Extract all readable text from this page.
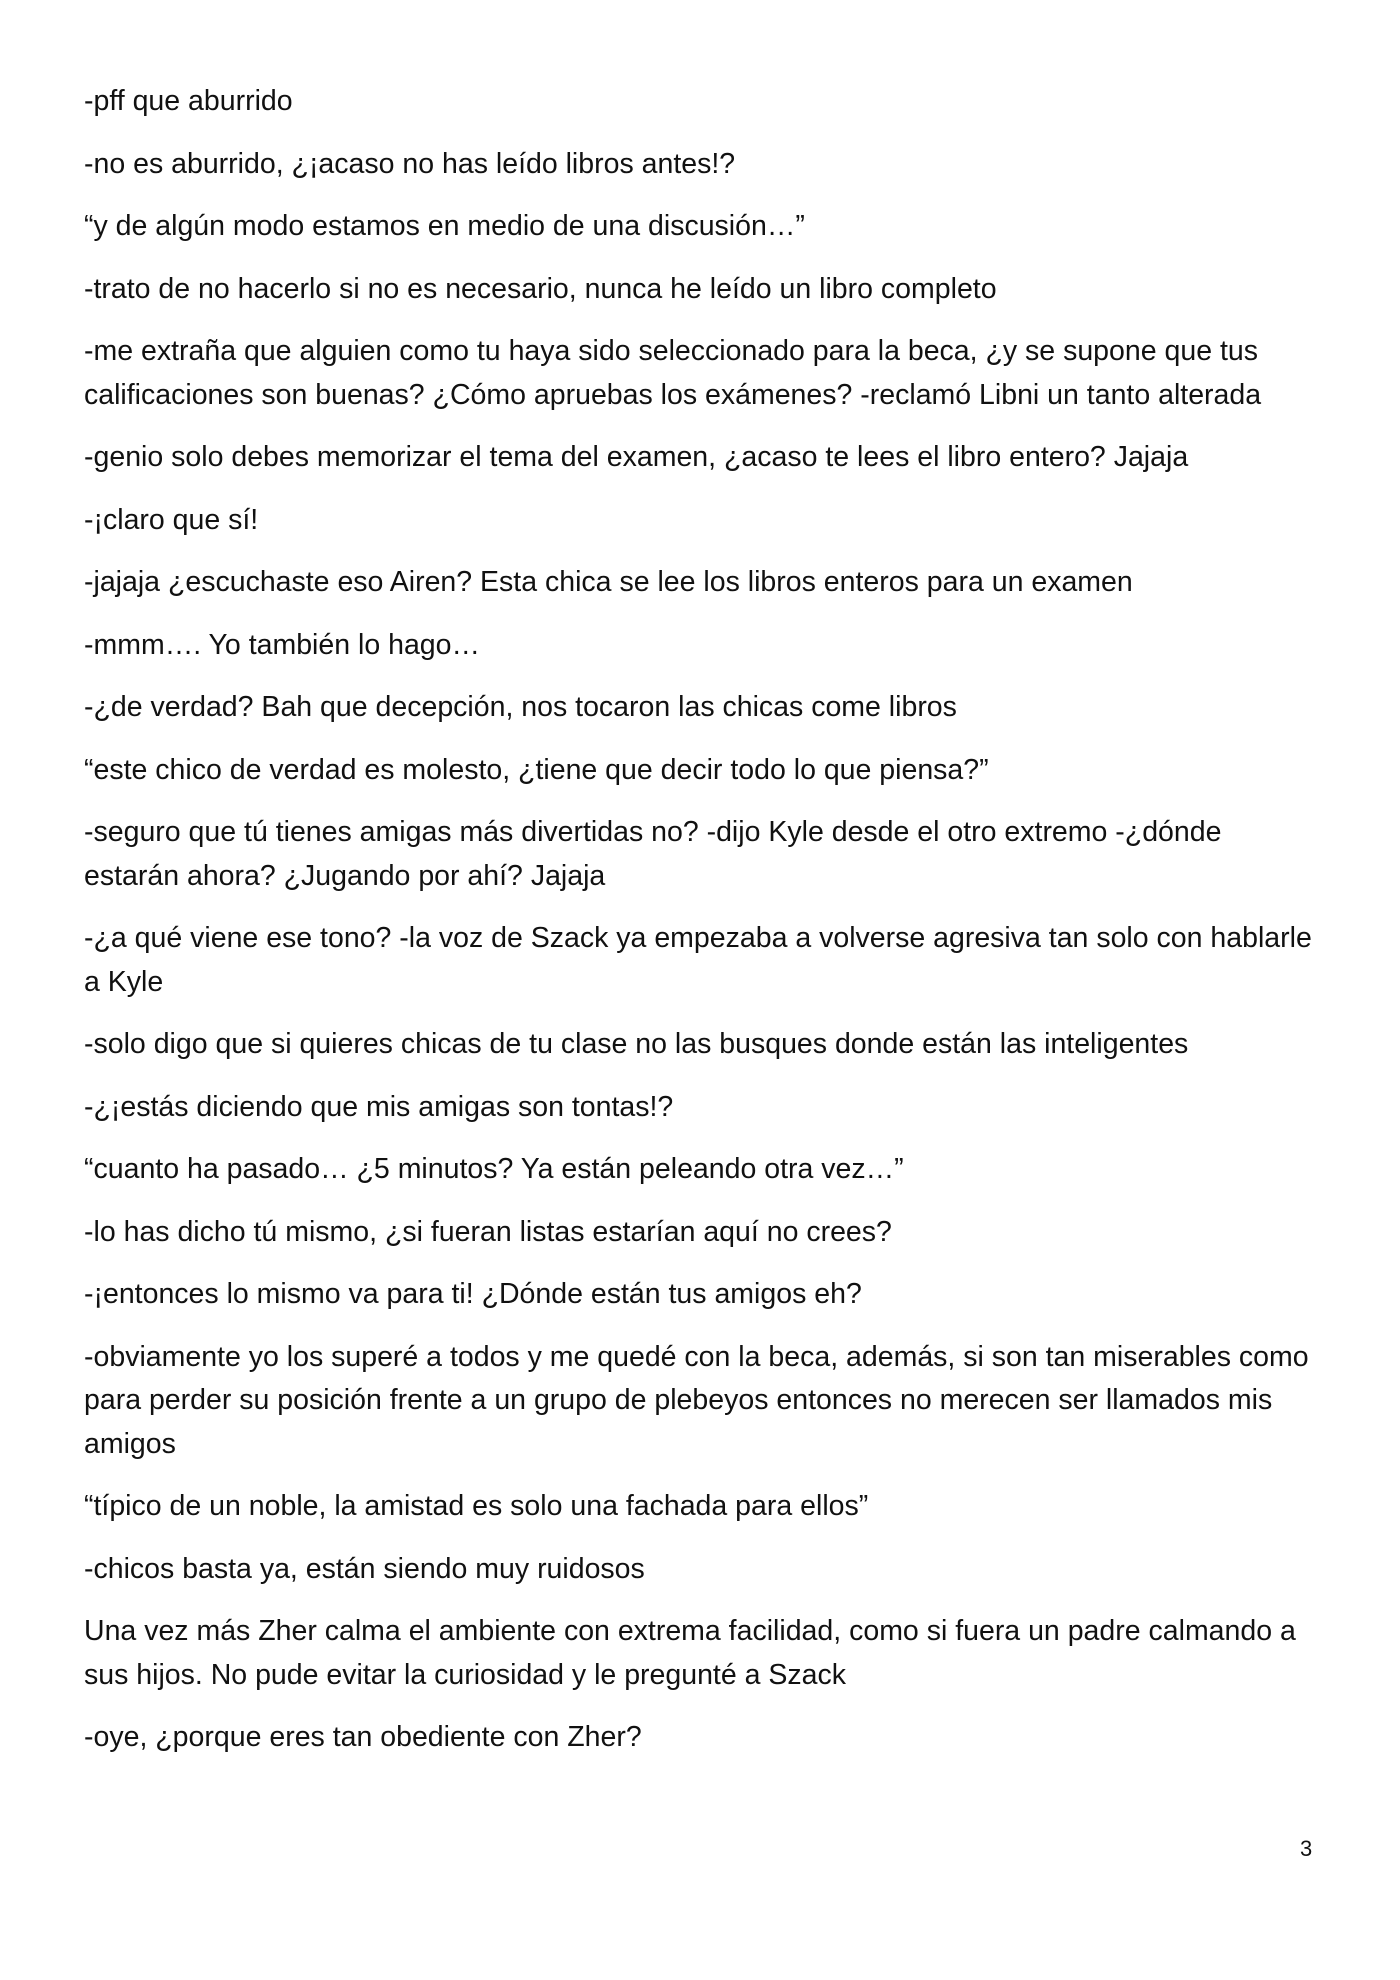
-pff que aburrido

-no es aburrido, ¿¡acaso no has leído libros antes!?

“y de algún modo estamos en medio de una discusión…”

-trato de no hacerlo si no es necesario, nunca he leído un libro completo

-me extraña que alguien como tu haya sido seleccionado para la beca, ¿y se supone que tus calificaciones son buenas? ¿Cómo apruebas los exámenes? -reclamó Libni un tanto alterada

-genio solo debes memorizar el tema del examen, ¿acaso te lees el libro entero? Jajaja

-¡claro que sí!

-jajaja ¿escuchaste eso Airen? Esta chica se lee los libros enteros para un examen

-mmm…. Yo también lo hago…

-¿de verdad? Bah que decepción, nos tocaron las chicas come libros

“este chico de verdad es molesto, ¿tiene que decir todo lo que piensa?”

-seguro que tú tienes amigas más divertidas no? -dijo Kyle desde el otro extremo -¿dónde estarán ahora? ¿Jugando por ahí? Jajaja

-¿a qué viene ese tono? -la voz de Szack ya empezaba a volverse agresiva tan solo con hablarle a Kyle

-solo digo que si quieres chicas de tu clase no las busques donde están las inteligentes

-¿¡estás diciendo que mis amigas son tontas!?

“cuanto ha pasado… ¿5 minutos? Ya están peleando otra vez…”

-lo has dicho tú mismo, ¿si fueran listas estarían aquí no crees?

-¡entonces lo mismo va para ti! ¿Dónde están tus amigos eh?

-obviamente yo los superé a todos y me quedé con la beca, además, si son tan miserables como para perder su posición frente a un grupo de plebeyos entonces no merecen ser llamados mis amigos

“típico de un noble, la amistad es solo una fachada para ellos”

-chicos basta ya, están siendo muy ruidosos

Una vez más Zher calma el ambiente con extrema facilidad, como si fuera un padre calmando a sus hijos. No pude evitar la curiosidad y le pregunté a Szack

-oye, ¿porque eres tan obediente con Zher?

3
